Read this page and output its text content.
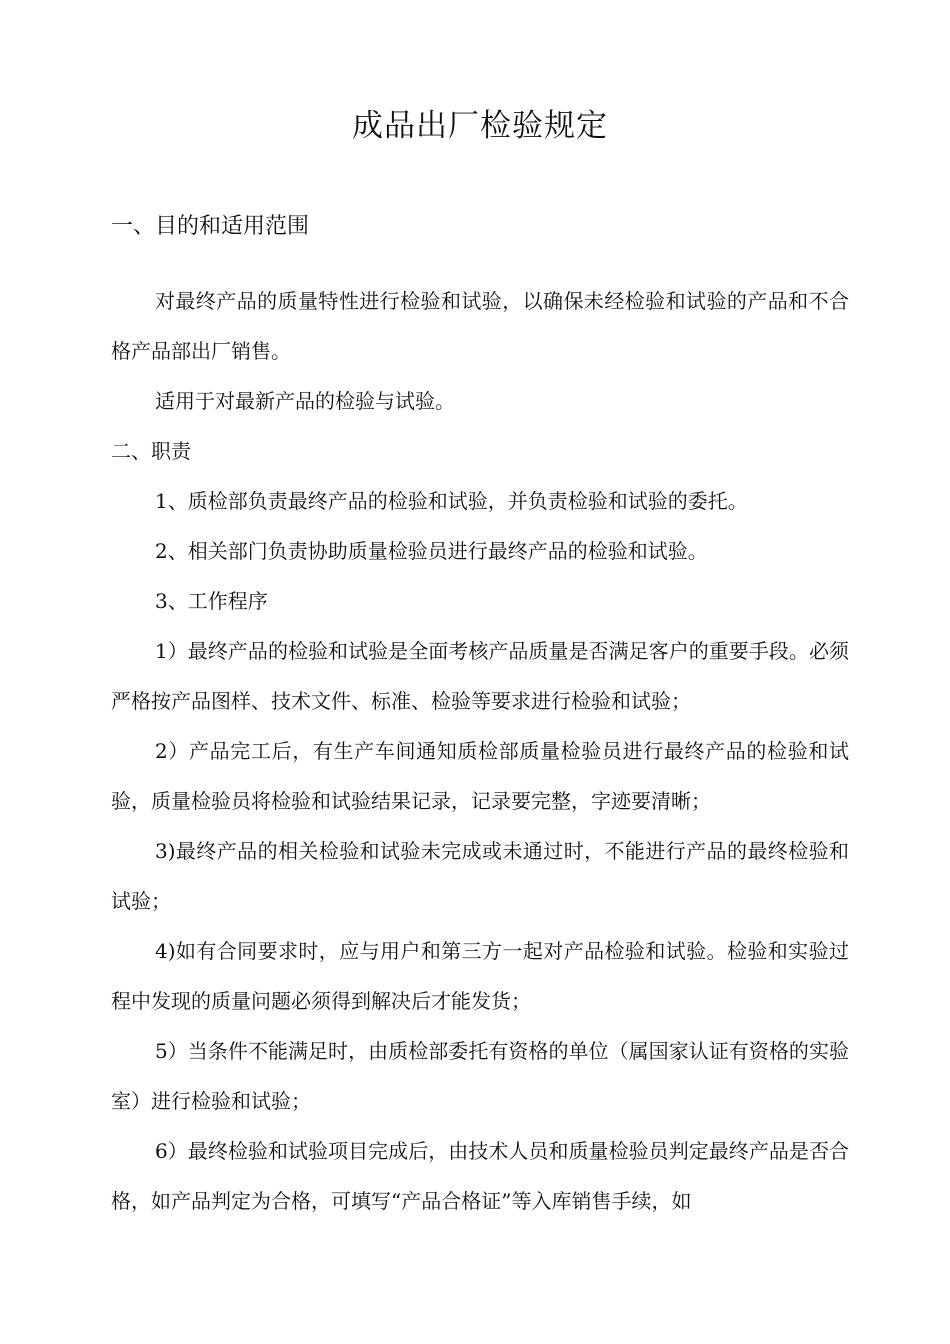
成品出厂检验规定
一、目的和适用范围

对最终产品的质量特性进行检验和试验，以确保未经检验和试验的产品和不合格产品部出厂销售。

适用于对最新产品的检验与试验。

二、职责

1、质检部负责最终产品的检验和试验，并负责检验和试验的委托。

2、相关部门负责协助质量检验员进行最终产品的检验和试验。

3、工作程序

1）最终产品的检验和试验是全面考核产品质量是否满足客户的重要手段。必须严格按产品图样、技术文件、标准、检验等要求进行检验和试验；

2）产品完工后，有生产车间通知质检部质量检验员进行最终产品的检验和试验，质量检验员将检验和试验结果记录，记录要完整，字迹要清晰；

3)最终产品的相关检验和试验未完成或未通过时，不能进行产品的最终检验和试验；

4)如有合同要求时，应与用户和第三方一起对产品检验和试验。检验和实验过程中发现的质量问题必须得到解决后才能发货；

5）当条件不能满足时，由质检部委托有资格的单位（属国家认证有资格的实验室）进行检验和试验；

6）最终检验和试验项目完成后，由技术人员和质量检验员判定最终产品是否合格，如产品判定为合格，可填写“产品合格证”等入库销售手续，如
